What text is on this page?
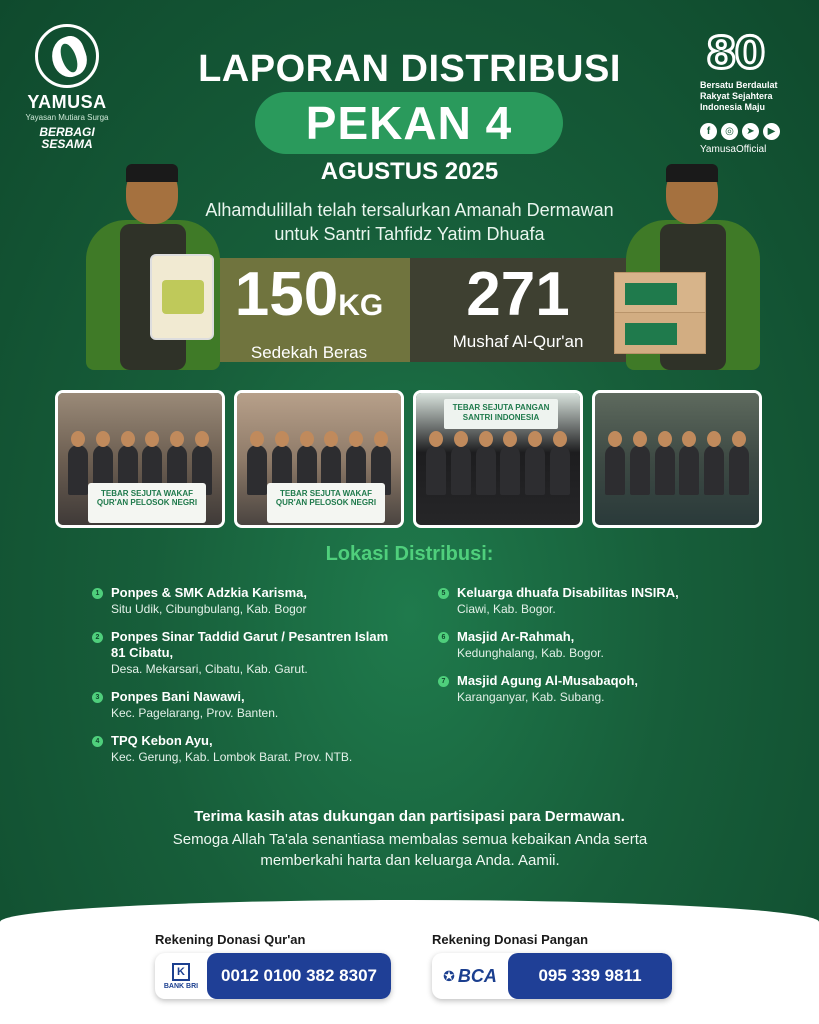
YAMUSA
Yayasan Mutiara Surga
BERBAGI SESAMA
80
Bersatu Berdaulat
Rakyat Sejahtera
Indonesia Maju
f	◎	➤	▶
YamusaOfficial
LAPORAN DISTRIBUSI
PEKAN 4
AGUSTUS 2025
Alhamdulillah telah tersalurkan Amanah Dermawan
untuk Santri Tahfidz Yatim Dhuafa
150KG
Sedekah Beras
271
Mushaf Al-Qur'an
TEBAR SEJUTA WAKAF QUR'AN PELOSOK NEGRI
TEBAR SEJUTA WAKAF QUR'AN PELOSOK NEGRI
TEBAR SEJUTA PANGAN SANTRI INDONESIA
Lokasi Distribusi:
1 Ponpes & SMK Adzkia Karisma,
Situ Udik, Cibungbulang, Kab. Bogor
2 Ponpes Sinar Taddid Garut / Pesantren Islam 81 Cibatu,
Desa. Mekarsari, Cibatu, Kab. Garut.
3 Ponpes Bani Nawawi,
Kec. Pagelarang, Prov. Banten.
4 TPQ Kebon Ayu,
Kec. Gerung, Kab. Lombok Barat. Prov. NTB.
5 Keluarga dhuafa Disabilitas INSIRA,
Ciawi, Kab. Bogor.
6 Masjid Ar-Rahmah,
Kedunghalang, Kab. Bogor.
7 Masjid Agung Al-Musabaqoh,
Karanganyar, Kab. Subang.
Terima kasih atas dukungan dan partisipasi para Dermawan.
Semoga Allah Ta'ala senantiasa membalas semua kebaikan Anda serta memberkahi harta dan keluarga Anda. Aamii.
Rekening Donasi Qur'an
K
BANK BRI
0012 0100 382 8307
Rekening Donasi Pangan
✪ BCA	095 339 9811
